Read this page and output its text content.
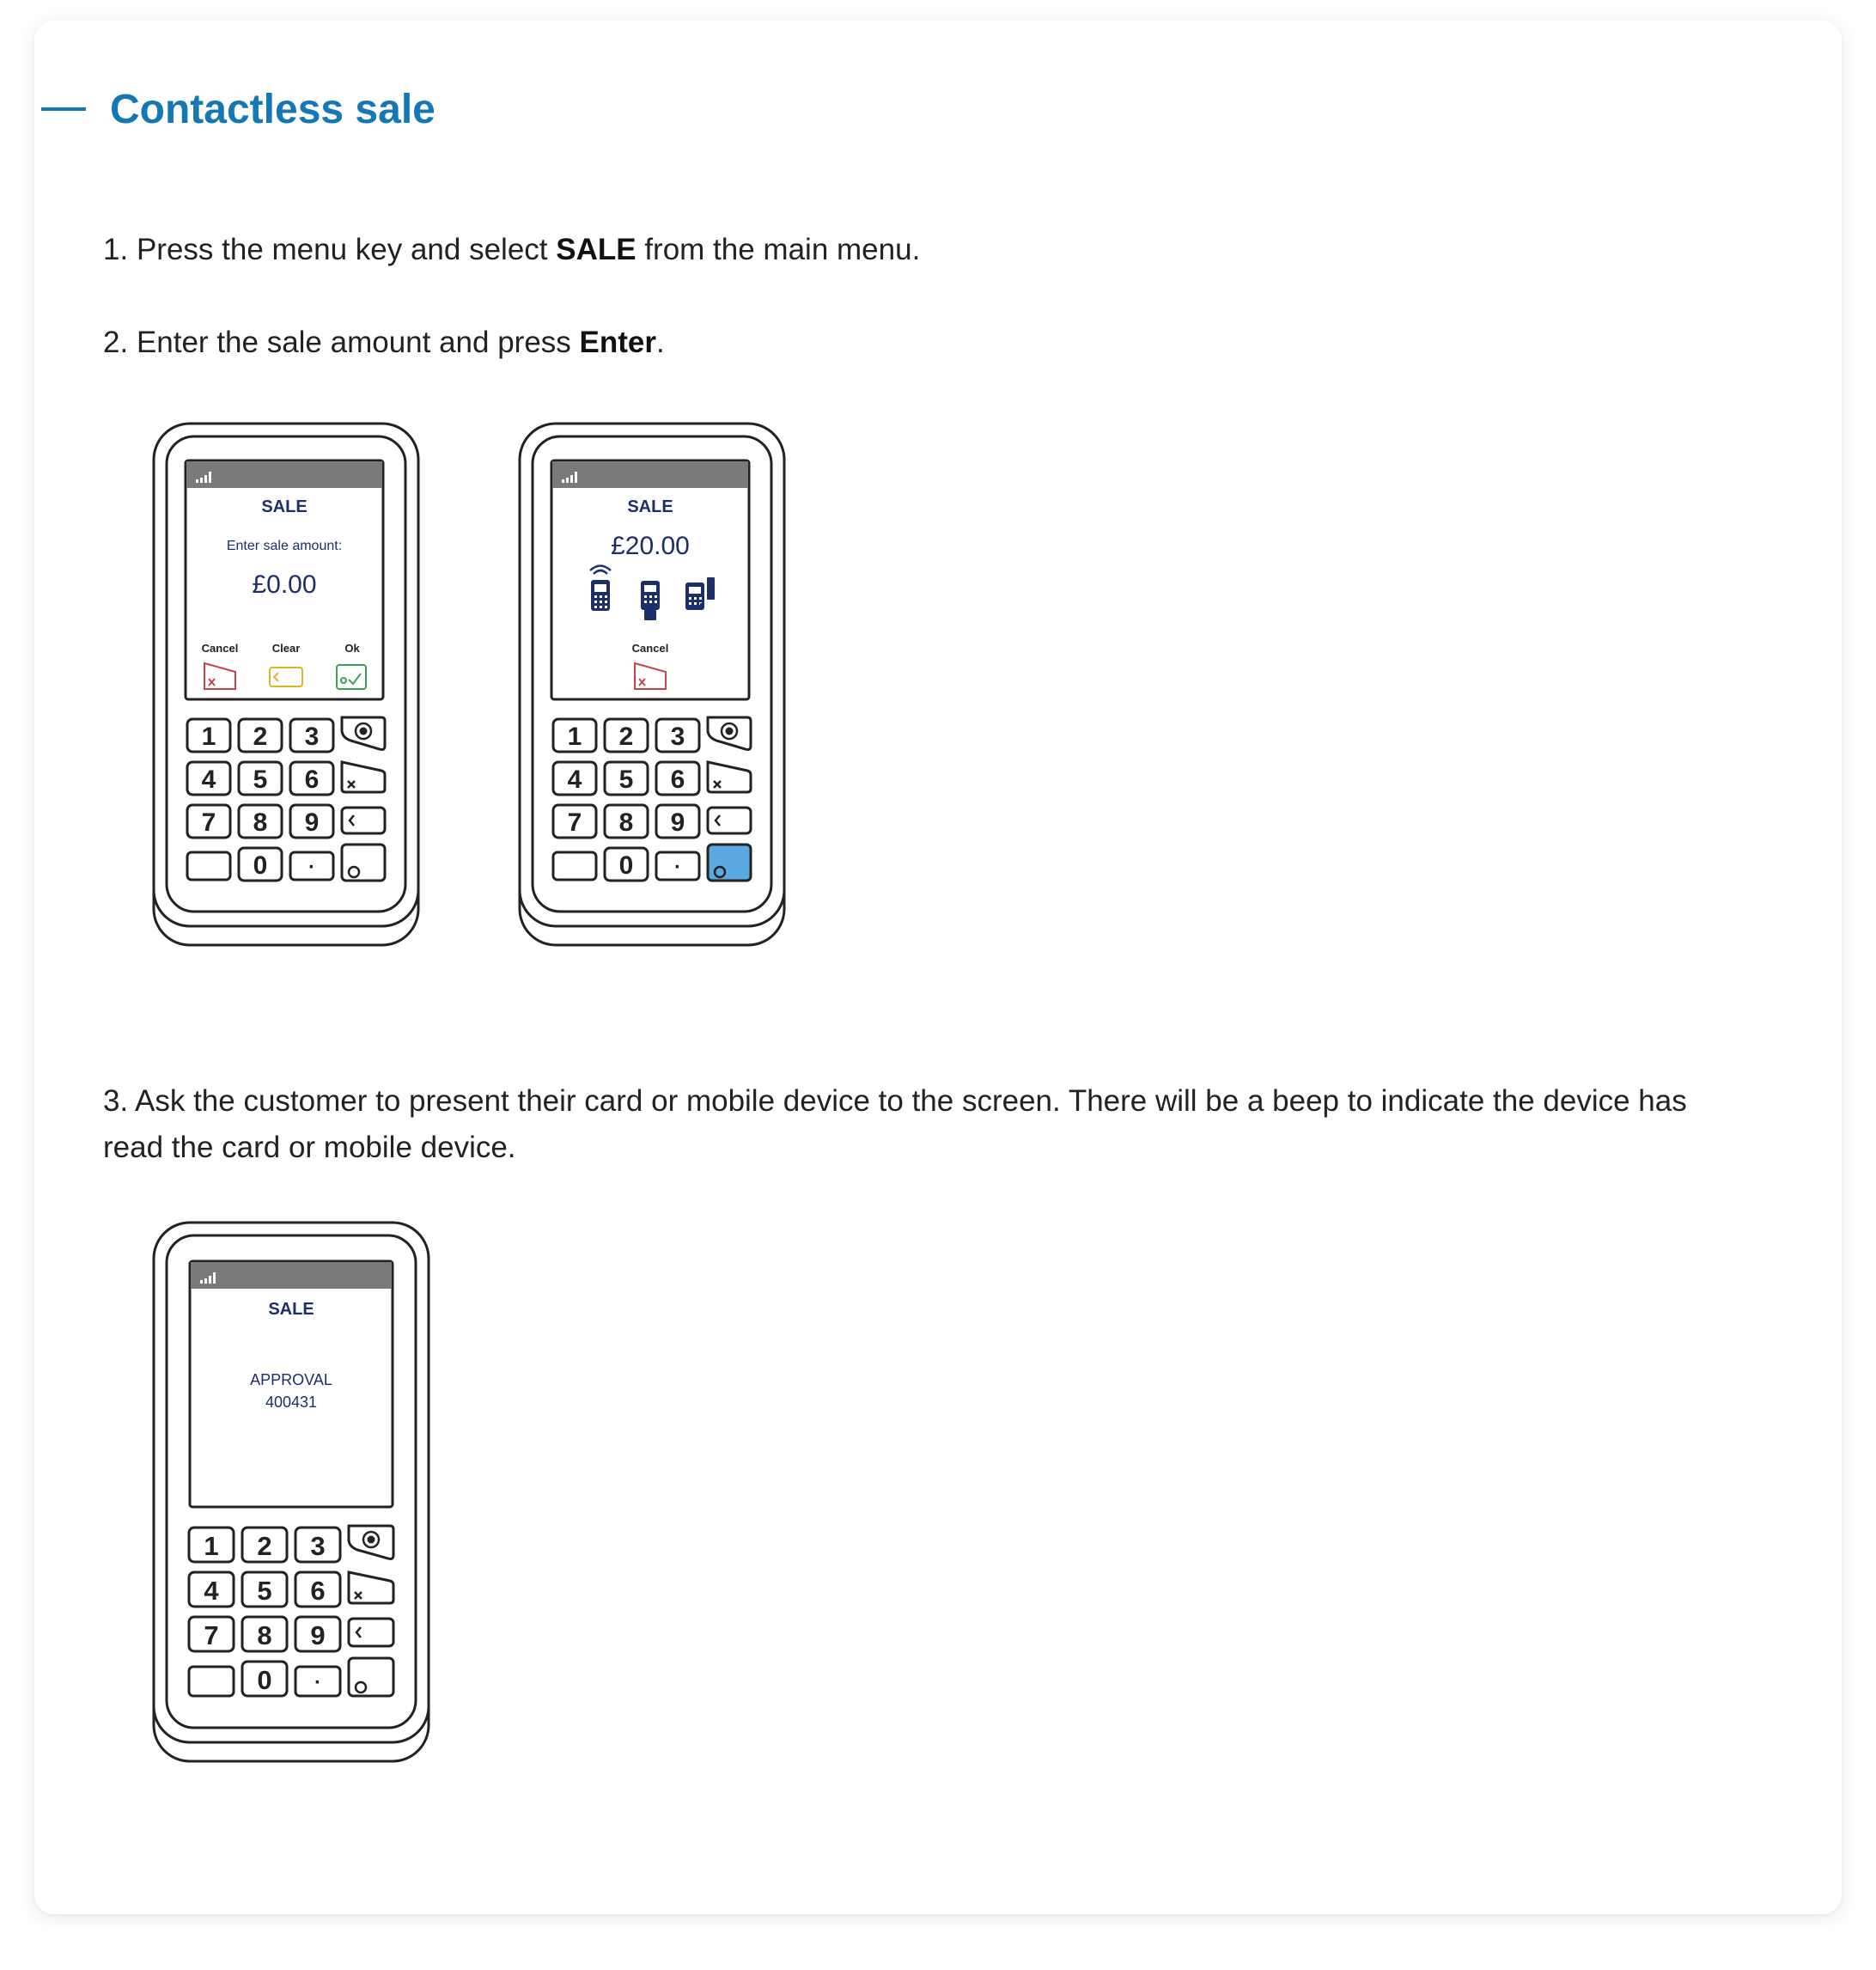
Contactless sale
1. Press the menu key and select SALE from the main menu.
2. Enter the sale amount and press Enter.
3. Ask the customer to present their card or mobile device to the screen. There will be a beep to indicate the device has read the card or mobile device.
SALE
Enter sale amount:
£0.00
Cancel	Clear	Ok
1 2 3
4 5 6
7 8 9
0 ·
SALE
£20.00
Cancel
1 2 3
4 5 6
7 8 9
0 ·
SALE
APPROVAL
400431
1 2 3
4 5 6
7 8 9
0 ·
